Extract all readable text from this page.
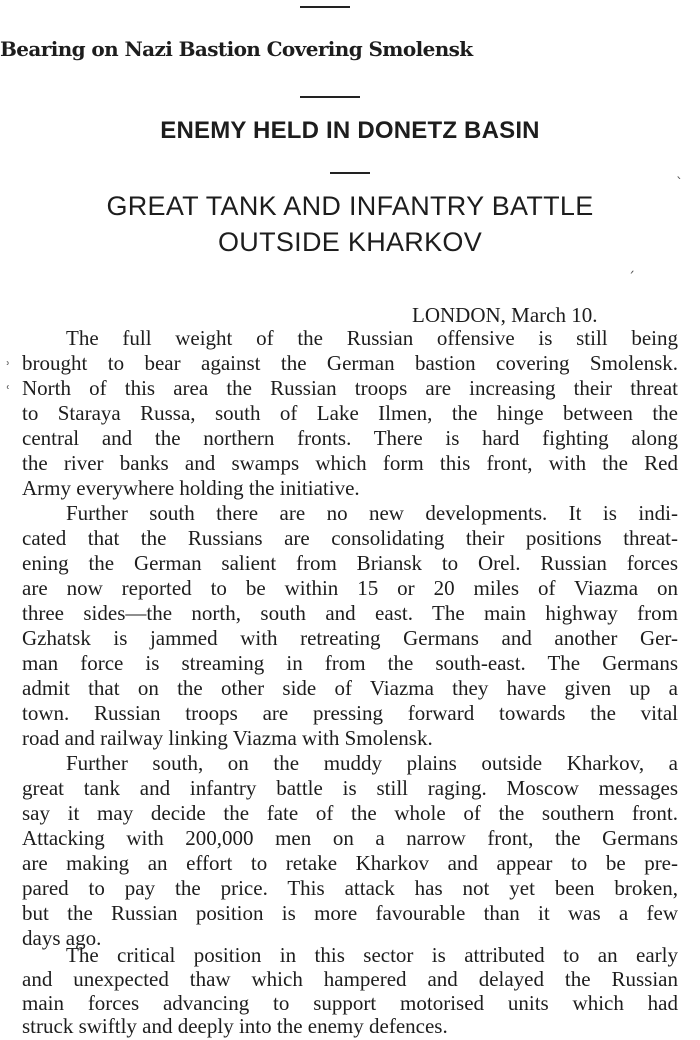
Bearing on Nazi Bastion Covering Smolensk
ENEMY HELD IN DONETZ BASIN
GREAT TANK AND INFANTRY BATTLE
OUTSIDE KHARKOV
LONDON, March 10.
The full weight of the Russian offensive is still being
brought to bear against the German bastion covering Smolensk.
North of this area the Russian troops are increasing their threat
to Staraya Russa, south of Lake Ilmen, the hinge between the
central and the northern fronts. There is hard fighting along
the river banks and swamps which form this front, with the Red
Army everywhere holding the initiative.
Further south there are no new developments. It is indi-
cated that the Russians are consolidating their positions threat-
ening the German salient from Briansk to Orel. Russian forces
are now reported to be within 15 or 20 miles of Viazma on
three sides—the north, south and east. The main highway from
Gzhatsk is jammed with retreating Germans and another Ger-
man force is streaming in from the south-east. The Germans
admit that on the other side of Viazma they have given up a
town. Russian troops are pressing forward towards the vital
road and railway linking Viazma with Smolensk.
Further south, on the muddy plains outside Kharkov, a
great tank and infantry battle is still raging. Moscow messages
say it may decide the fate of the whole of the southern front.
Attacking with 200,000 men on a narrow front, the Germans
are making an effort to retake Kharkov and appear to be pre-
pared to pay the price. This attack has not yet been broken,
but the Russian position is more favourable than it was a few
days ago.
The critical position in this sector is attributed to an early
and unexpected thaw which hampered and delayed the Russian
main forces advancing to support motorised units which had
struck swiftly and deeply into the enemy defences.
ʾ
ʿ
ˋ
ˏ
